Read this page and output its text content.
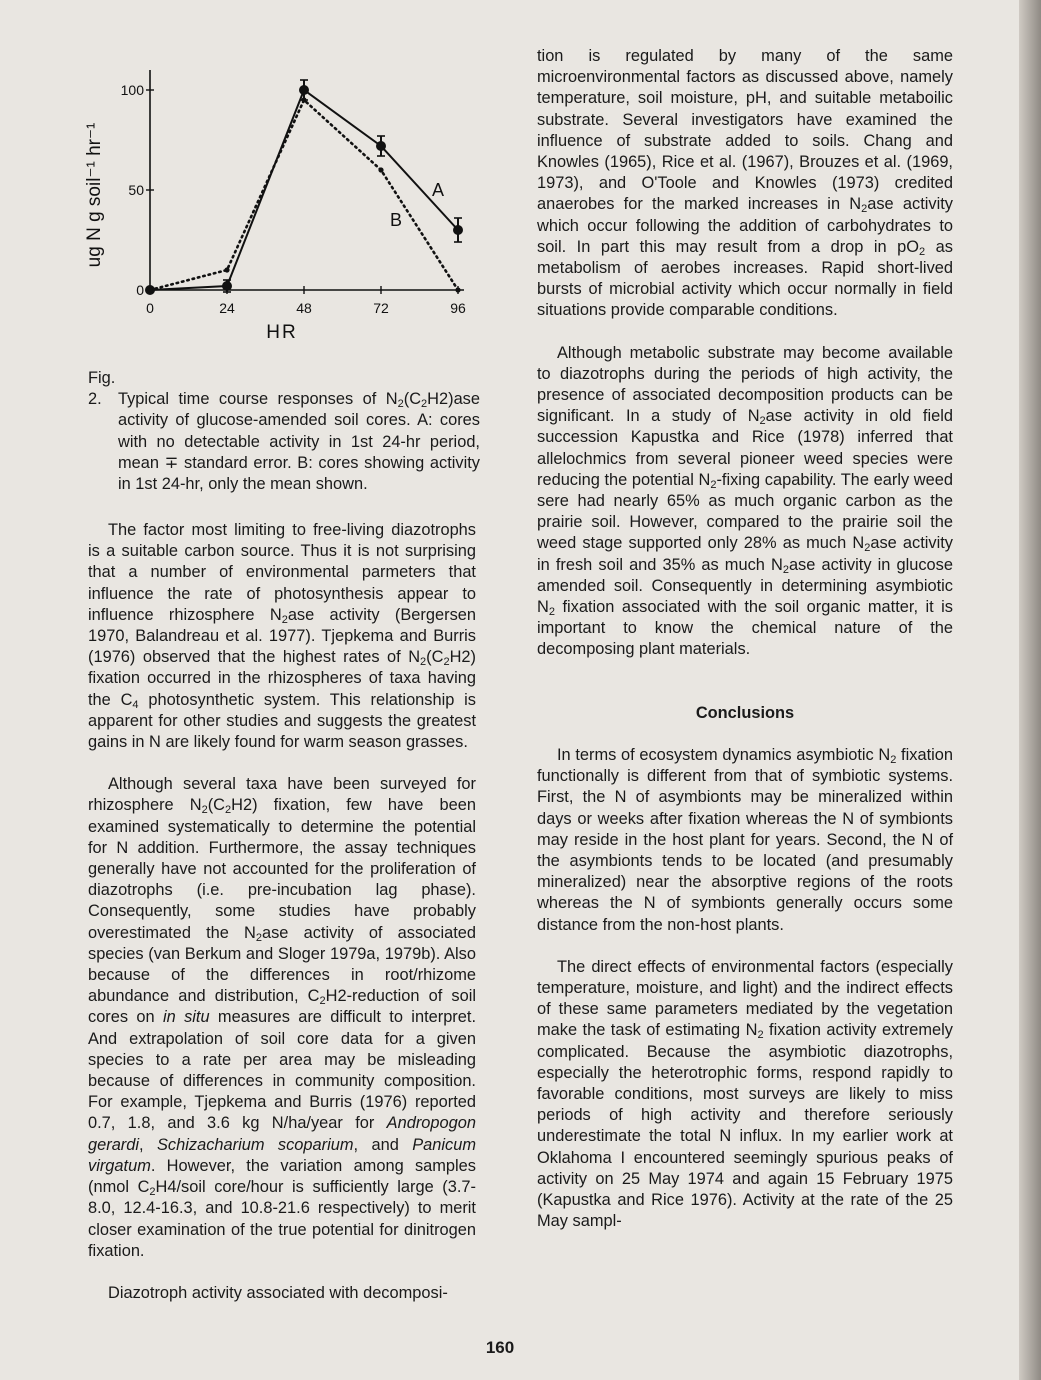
ug N g soil⁻¹ hr⁻¹
0	24	48	72	96
0
50
100
A
B
HR
Fig. 2. Typical time course responses of $N_2(C_2H2)ase$ activity of glucose-amended soil cores. A: cores with no detectable activity in 1st 24-hr period, mean ∓ standard error. B: cores showing activity in 1st 24-hr, only the mean shown.

The factor most limiting to free-living diazotrophs is a suitable carbon source. Thus it is not surprising that a number of environmental parmeters that influence the rate of photosynthesis appear to influence rhizosphere $N_2ase$ activity (Bergersen 1970, Balandreau et al. 1977). Tjepkema and Burris (1976) observed that the highest rates of $N_2(C_2H2)$ fixation occurred in the rhizospheres of taxa having the $C_4$ photosynthetic system. This relationship is apparent for other studies and suggests the greatest gains in N are likely found for warm season grasses.

Although several taxa have been surveyed for rhizosphere $N_2(C_2H2)$ fixation, few have been examined systematically to determine the potential for N addition. Furthermore, the assay techniques generally have not accounted for the proliferation of diazotrophs (i.e. pre-incubation lag phase). Consequently, some studies have probably overestimated the $N_2ase$ activity of associated species (van Berkum and Sloger 1979a, 1979b). Also because of the differences in root/rhizome abundance and distribution, $C_2H2$-reduction of soil cores on in situ measures are difficult to interpret. And extrapolation of soil core data for a given species to a rate per area may be misleading because of differences in community composition. For example, Tjepkema and Burris (1976) reported 0.7, 1.8, and 3.6 kg N/ha/year for Andropogon gerardi, Schizacharium scoparium, and Panicum virgatum. However, the variation among samples (nmol $C_2H4$/soil core/hour is sufficiently large (3.7-8.0, 12.4-16.3, and 10.8-21.6 respectively) to merit closer examination of the true potential for dinitrogen fixation.

Diazotroph activity associated with decomposi-

tion is regulated by many of the same microenvironmental factors as discussed above, namely temperature, soil moisture, pH, and suitable metaboilic substrate. Several investigators have examined the influence of substrate added to soils. Chang and Knowles (1965), Rice et al. (1967), Brouzes et al. (1969, 1973), and O'Toole and Knowles (1973) credited anaerobes for the marked increases in $N_2ase$ activity which occur following the addition of carbohydrates to soil. In part this may result from a drop in $pO_2$ as metabolism of aerobes increases. Rapid short-lived bursts of microbial activity which occur normally in field situations provide comparable conditions.

Although metabolic substrate may become available to diazotrophs during the periods of high activity, the presence of associated decomposition products can be significant. In a study of $N_2ase$ activity in old field succession Kapustka and Rice (1978) inferred that allelochmics from several pioneer weed species were reducing the potential $N_2$-fixing capability. The early weed sere had nearly 65% as much organic carbon as the prairie soil. However, compared to the prairie soil the weed stage supported only 28% as much $N_2ase$ activity in fresh soil and 35% as much $N_2ase$ activity in glucose amended soil. Consequently in determining asymbiotic $N_2$ fixation associated with the soil organic matter, it is important to know the chemical nature of the decomposing plant materials.

Conclusions

In terms of ecosystem dynamics asymbiotic $N_2$ fixation functionally is different from that of symbiotic systems. First, the N of asymbionts may be mineralized within days or weeks after fixation whereas the N of symbionts may reside in the host plant for years. Second, the N of the asymbionts tends to be located (and presumably mineralized) near the absorptive regions of the roots whereas the N of symbionts generally occurs some distance from the non-host plants.

The direct effects of environmental factors (especially temperature, moisture, and light) and the indirect effects of these same parameters mediated by the vegetation make the task of estimating $N_2$ fixation activity extremely complicated. Because the asymbiotic diazotrophs, especially the heterotrophic forms, respond rapidly to favorable conditions, most surveys are likely to miss periods of high activity and therefore seriously underestimate the total N influx. In my earlier work at Oklahoma I encountered seemingly spurious peaks of activity on 25 May 1974 and again 15 February 1975 (Kapustka and Rice 1976). Activity at the rate of the 25 May sampl-

160
